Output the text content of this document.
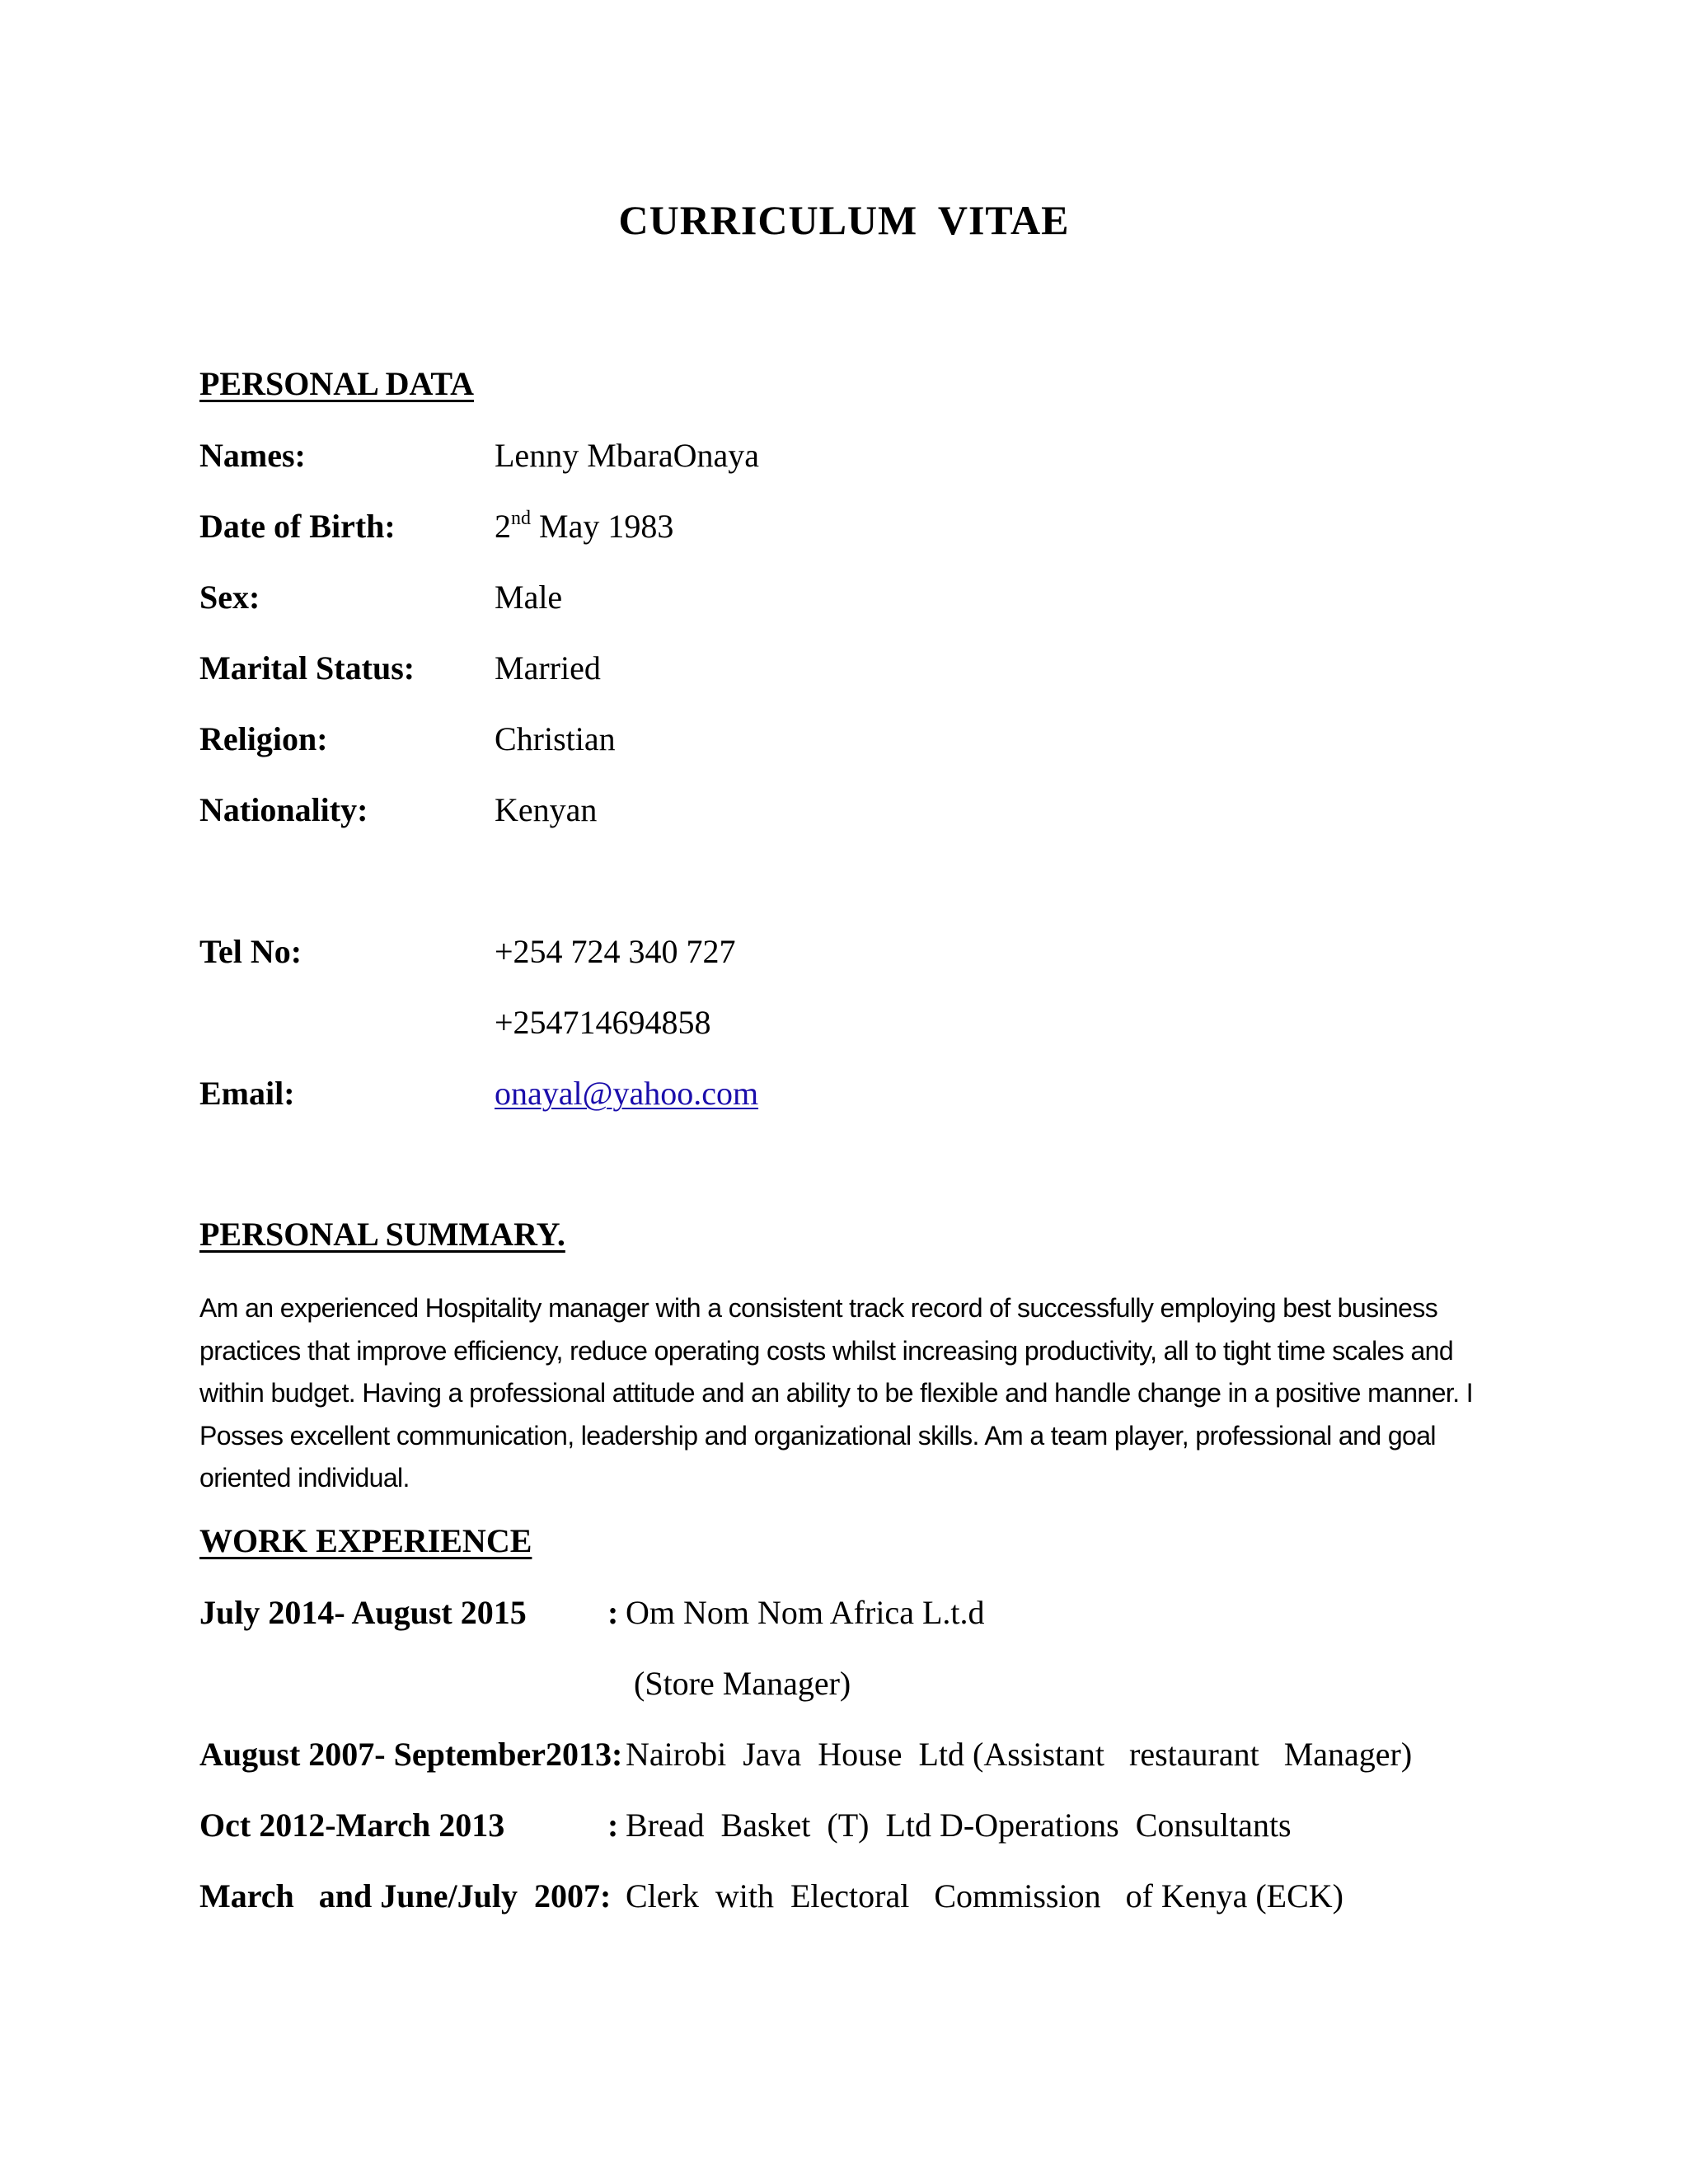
CURRICULUM VITAE
PERSONAL DATA
Names:	Lenny MbaraOnaya
Date of Birth:	2nd May 1983
Sex:	Male
Marital Status: Married
Religion:	Christian
Nationality:	Kenyan
Tel No:	+254 724 340 727
+254714694858
Email:	onayal@yahoo.com
PERSONAL SUMMARY.
Am an experienced Hospitality manager with a consistent track record of successfully employing best business practices that improve efficiency, reduce operating costs whilst increasing productivity, all to tight time scales and within budget. Having a professional attitude and an ability to be flexible and handle change in a positive manner. I Posses excellent communication, leadership and organizational skills. Am a team player, professional and goal oriented individual.
WORK EXPERIENCE
July 2014- August 2015 : Om Nom Nom Africa L.t.d
(Store Manager)
August 2007- September2013: Nairobi  Java  House  Ltd (Assistant   restaurant   Manager)
Oct 2012-March 2013	: Bread  Basket  (T)  Ltd D-Operations  Consultants
March   and June/July  2007: Clerk  with  Electoral   Commission   of Kenya (ECK)
